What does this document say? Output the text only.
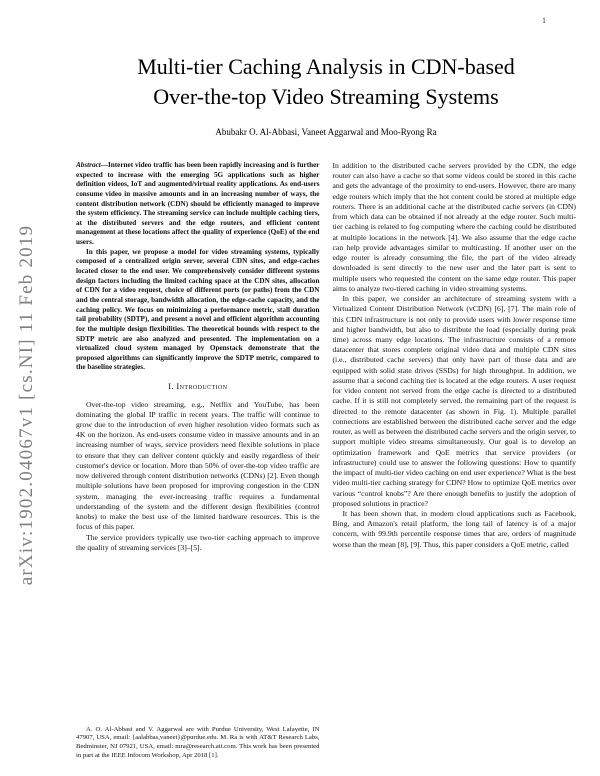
1
arXiv:1902.04067v1 [cs.NI] 11 Feb 2019
Multi-tier Caching Analysis in CDN-based
Over-the-top Video Streaming Systems
Abubakr O. Al-Abbasi, Vaneet Aggarwal and Moo-Ryong Ra

Abstract—Internet video traffic has been been rapidly increasing and is further expected to increase with the emerging 5G applications such as higher definition videos, IoT and augmented/virtual reality applications. As end-users consume video in massive amounts and in an increasing number of ways, the content distribution network (CDN) should be efficiently managed to improve the system efficiency. The streaming service can include multiple caching tiers, at the distributed servers and the edge routers, and efficient content management at these locations affect the quality of experience (QoE) of the end users.

In this paper, we propose a model for video streaming systems, typically composed of a centralized origin server, several CDN sites, and edge-caches located closer to the end user. We comprehensively consider different systems design factors including the limited caching space at the CDN sites, allocation of CDN for a video request, choice of different ports (or paths) from the CDN and the central storage, bandwidth allocation, the edge-cache capacity, and the caching policy. We focus on minimizing a performance metric, stall duration tail probability (SDTP), and present a novel and efficient algorithm accounting for the multiple design flexibilities. The theoretical bounds with respect to the SDTP metric are also analyzed and presented. The implementation on a virtualized cloud system managed by Openstack demonstrate that the proposed algorithms can significantly improve the SDTP metric, compared to the baseline strategies.

I. Introduction

Over-the-top video streaming, e.g., Netflix and YouTube, has been dominating the global IP traffic in recent years. The traffic will continue to grow due to the introduction of even higher resolution video formats such as 4K on the horizon. As end-users consume video in massive amounts and in an increasing number of ways, service providers need flexible solutions in place to ensure that they can deliver content quickly and easily regardless of their customer's device or location. More than 50% of over-the-top video traffic are now delivered through content distribution networks (CDNs) [2]. Even though multiple solutions have been proposed for improving congestion in the CDN system, managing the ever-increasing traffic requires a fundamental understanding of the system and the different design flexibilities (control knobs) to make the best use of the limited hardware resources. This is the focus of this paper.

The service providers typically use two-tier caching approach to improve the quality of streaming services [3]–[5].

A. O. Al-Abbasi and V. Aggarwal are with Purdue University, West Lafayette, IN 47907, USA, email: {aalabbas,vaneet}@purdue.edu. M. Ra is with AT&T Research Labs, Bedminster, NJ 07921, USA, email: mra@research.att.com. This work has been presented in part at the IEEE Infocom Workshop, Apr 2018 [1].

In addition to the distributed cache servers provided by the CDN, the edge router can also have a cache so that some videos could be stored in this cache and gets the advantage of the proximity to end-users. However, there are many edge routers which imply that the hot content could be stored at multiple edge routers. There is an additional cache at the distributed cache servers (in CDN) from which data can be obtained if not already at the edge router. Such multi-tier caching is related to fog computing where the caching could be distributed at multiple locations in the network [4]. We also assume that the edge cache can help provide advantages similar to multicasting. If another user on the edge router is already consuming the file, the part of the video already downloaded is sent directly to the new user and the later part is sent to multiple users who requested the content on the same edge router. This paper aims to analyze two-tiered caching in video streaming systems.

In this paper, we consider an architecture of streaming system with a Virtualized Content Distribution Network (vCDN) [6], [7]. The main role of this CDN infrastructure is not only to provide users with lower response time and higher bandwidth, but also to distribute the load (especially during peak time) across many edge locations. The infrastructure consists of a remote datacenter that stores complete original video data and multiple CDN sites (i.e., distributed cache servers) that only have part of those data and are equipped with solid state drives (SSDs) for high throughput. In addition, we assume that a second caching tier is located at the edge routers. A user request for video content not served from the edge cache is directed to a distributed cache. If it is still not completely served, the remaining part of the request is directed to the remote datacenter (as shown in Fig. 1). Multiple parallel connections are established between the distributed cache server and the edge router, as well as between the distributed cache servers and the origin server, to support multiple video streams simultaneously. Our goal is to develop an optimization framework and QoE metrics that service providers (or infrastructure) could use to answer the following questions: How to quantify the impact of multi-tier video caching on end user experience? What is the best video multi-tier caching strategy for CDN? How to optimize QoE metrics over various “control knobs”? Are there enough benefits to justify the adoption of proposed solutions in practice?

It has been shown that, in modern cloud applications such as Facebook, Bing, and Amazon's retail platform, the long tail of latency is of a major concern, with 99.9th percentile response times that are, orders of magnitude worse than the mean [8], [9]. Thus, this paper considers a QoE metric, called
